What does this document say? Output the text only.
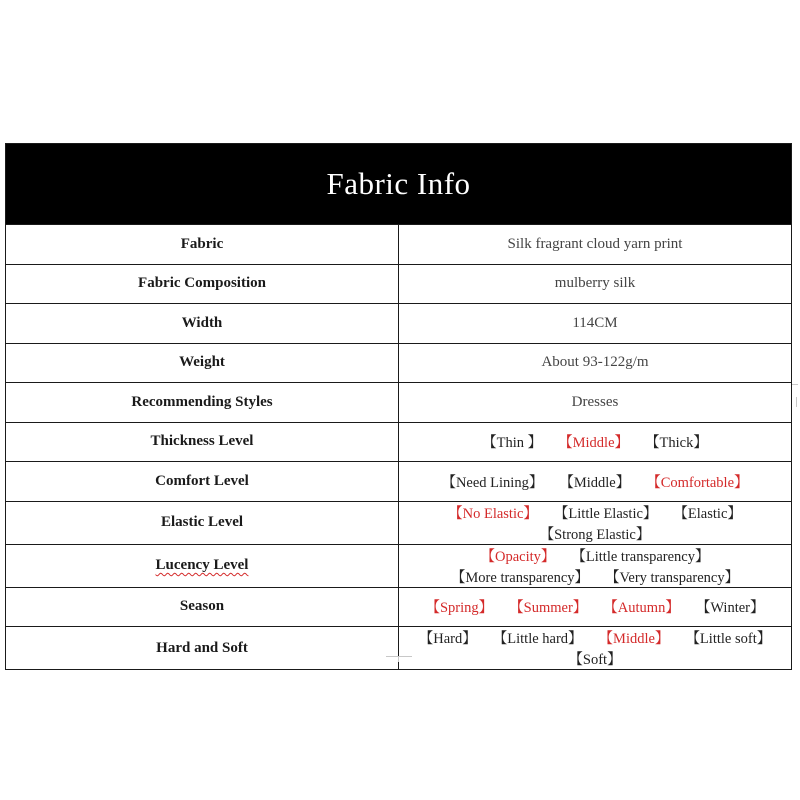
Fabric Info	
Fabric	Silk fragrant cloud yarn print
Fabric Composition	mulberry silk
Width	114CM
Weight	About 93-122g/m
Recommending Styles	Dresses
Thickness Level	【Thin 】 【Middle】 【Thick】
Comfort Level	【Need Lining】 【Middle】 【Comfortable】
Elastic Level	【No Elastic】 【Little Elastic】 【Elastic】【Strong Elastic】
Lucency Level	【Opacity】 【Little transparency】【More transparency】 【Very transparency】
Season	【Spring】 【Summer】 【Autumn】 【Winter】
Hard and Soft	【Hard】 【Little hard】 【Middle】 【Little soft】【Soft】
